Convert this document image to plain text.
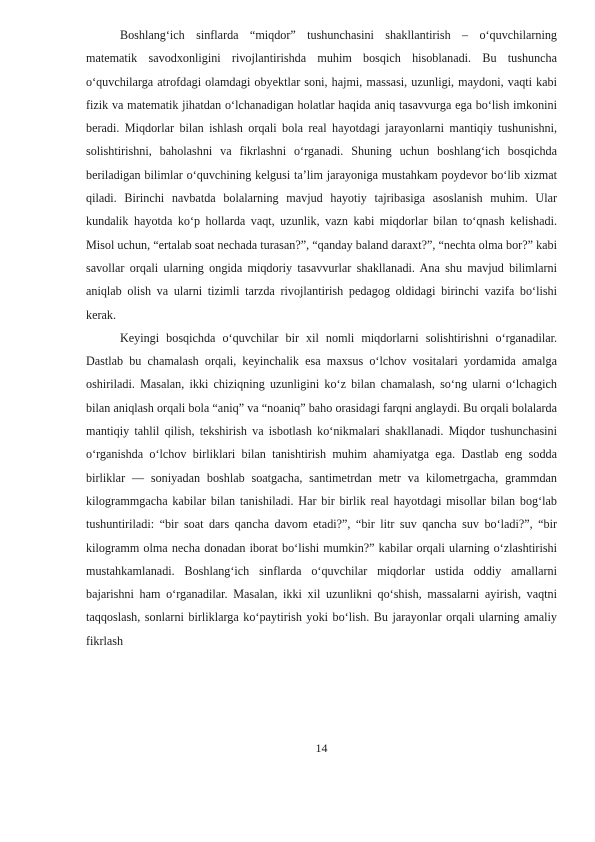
Boshlang‘ich sinflarda “miqdor” tushunchasini shakllantirish – o‘quvchilarning matematik savodxonligini rivojlantirishda muhim bosqich hisoblanadi. Bu tushuncha o‘quvchilarga atrofdagi olamdagi obyektlar soni, hajmi, massasi, uzunligi, maydoni, vaqti kabi fizik va matematik jihatdan o‘lchanadigan holatlar haqida aniq tasavvurga ega bo‘lish imkonini beradi. Miqdorlar bilan ishlash orqali bola real hayotdagi jarayonlarni mantiqiy tushunishni, solishtirishni, baholashni va fikrlashni o‘rganadi. Shuning uchun boshlang‘ich bosqichda beriladigan bilimlar o‘quvchining kelgusi ta’lim jarayoniga mustahkam poydevor bo‘lib xizmat qiladi. Birinchi navbatda bolalarning mavjud hayotiy tajribasiga asoslanish muhim. Ular kundalik hayotda ko‘p hollarda vaqt, uzunlik, vazn kabi miqdorlar bilan to‘qnash kelishadi. Misol uchun, “ertalab soat nechada turasan?”, “qanday baland daraxt?”, “nechta olma bor?” kabi savollar orqali ularning ongida miqdoriy tasavvurlar shakllanadi. Ana shu mavjud bilimlarni aniqlab olish va ularni tizimli tarzda rivojlantirish pedagog oldidagi birinchi vazifa bo‘lishi kerak.

Keyingi bosqichda o‘quvchilar bir xil nomli miqdorlarni solishtirishni o‘rganadilar. Dastlab bu chamalash orqali, keyinchalik esa maxsus o‘lchov vositalari yordamida amalga oshiriladi. Masalan, ikki chiziqning uzunligini ko‘z bilan chamalash, so‘ng ularni o‘lchagich bilan aniqlash orqali bola “aniq” va “noaniq” baho orasidagi farqni anglaydi. Bu orqali bolalarda mantiqiy tahlil qilish, tekshirish va isbotlash ko‘nikmalari shakllanadi. Miqdor tushunchasini o‘rganishda o‘lchov birliklari bilan tanishtirish muhim ahamiyatga ega. Dastlab eng sodda birliklar — soniyadan boshlab soatgacha, santimetrdan metr va kilometrgacha, grammdan kilogrammgacha kabilar bilan tanishiladi. Har bir birlik real hayotdagi misollar bilan bog‘lab tushuntiriladi: “bir soat dars qancha davom etadi?”, “bir litr suv qancha suv bo‘ladi?”, “bir kilogramm olma necha donadan iborat bo‘lishi mumkin?” kabilar orqali ularning o‘zlashtirishi mustahkamlanadi. Boshlang‘ich sinflarda o‘quvchilar miqdorlar ustida oddiy amallarni bajarishni ham o‘rganadilar. Masalan, ikki xil uzunlikni qo‘shish, massalarni ayirish, vaqtni taqqoslash, sonlarni birliklarga ko‘paytirish yoki bo‘lish. Bu jarayonlar orqali ularning amaliy fikrlash

14
